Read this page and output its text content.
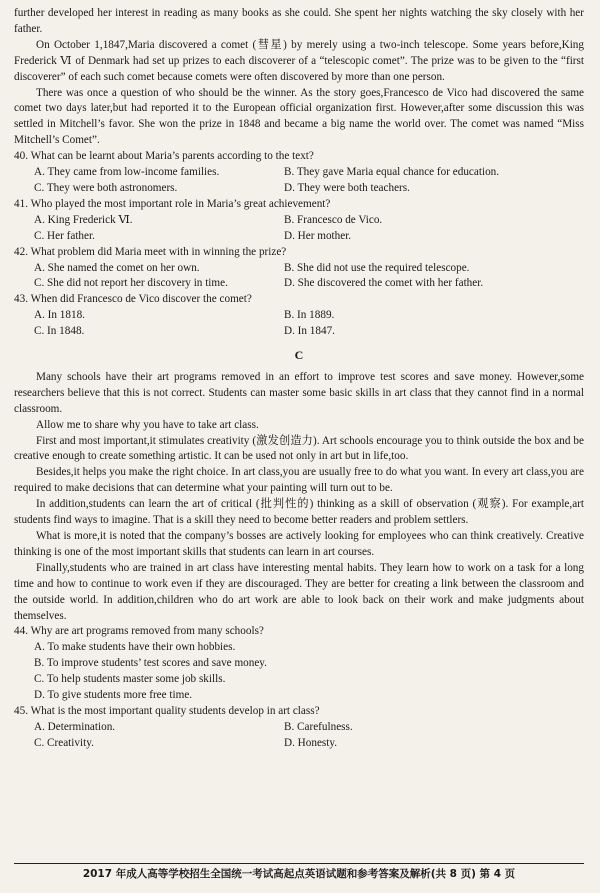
further developed her interest in reading as many books as she could. She spent her nights watching the sky closely with her father.

On October 1,1847,Maria discovered a comet (彗星) by merely using a two-inch telescope. Some years before,King Frederick Ⅵ of Denmark had set up prizes to each discoverer of a “telescopic comet”. The prize was to be given to the “first discoverer” of each such comet because comets were often discovered by more than one person.

There was once a question of who should be the winner. As the story goes,Francesco de Vico had discovered the same comet two days later,but had reported it to the European official organization first. However,after some discussion this was settled in Mitchell’s favor. She won the prize in 1848 and became a big name the world over. The comet was named “Miss Mitchell’s Comet”.

40. What can be learnt about Maria’s parents according to the text?

A. They came from low-income families.	B. They gave Maria equal chance for education.
C. They were both astronomers.	D. They were both teachers.

41. Who played the most important role in Maria’s great achievement?

A. King Frederick Ⅵ.	B. Francesco de Vico.
C. Her father.	D. Her mother.

42. What problem did Maria meet with in winning the prize?

A. She named the comet on her own.	B. She did not use the required telescope.
C. She did not report her discovery in time.	D. She discovered the comet with her father.

43. When did Francesco de Vico discover the comet?

A. In 1818.	B. In 1889.
C. In 1848.	D. In 1847.
C

Many schools have their art programs removed in an effort to improve test scores and save money. However,some researchers believe that this is not correct. Students can master some basic skills in art class that they cannot find in a normal classroom.

Allow me to share why you have to take art class.

First and most important,it stimulates creativity (激发创造力). Art schools encourage you to think outside the box and be creative enough to create something artistic. It can be used not only in art but in life,too.

Besides,it helps you make the right choice. In art class,you are usually free to do what you want. In every art class,you are required to make decisions that can determine what your painting will turn out to be.

In addition,students can learn the art of critical (批判性的) thinking as a skill of observation (观察). For example,art students find ways to imagine. That is a skill they need to become better readers and problem settlers.

What is more,it is noted that the company’s bosses are actively looking for employees who can think creatively. Creative thinking is one of the most important skills that students can learn in art courses.

Finally,students who are trained in art class have interesting mental habits. They learn how to work on a task for a long time and how to continue to work even if they are discouraged. They are better for creating a link between the classroom and the outside world. In addition,children who do art work are able to look back on their work and make judgments about themselves.

44. Why are art programs removed from many schools?

A. To make students have their own hobbies.
B. To improve students’ test scores and save money.
C. To help students master some job skills.
D. To give students more free time.

45. What is the most important quality students develop in art class?

A. Determination.	B. Carefulness.
C. Creativity.	D. Honesty.
2017 年成人高等学校招生全国统一考试高起点英语试题和参考答案及解析(共 8 页) 第 4 页
